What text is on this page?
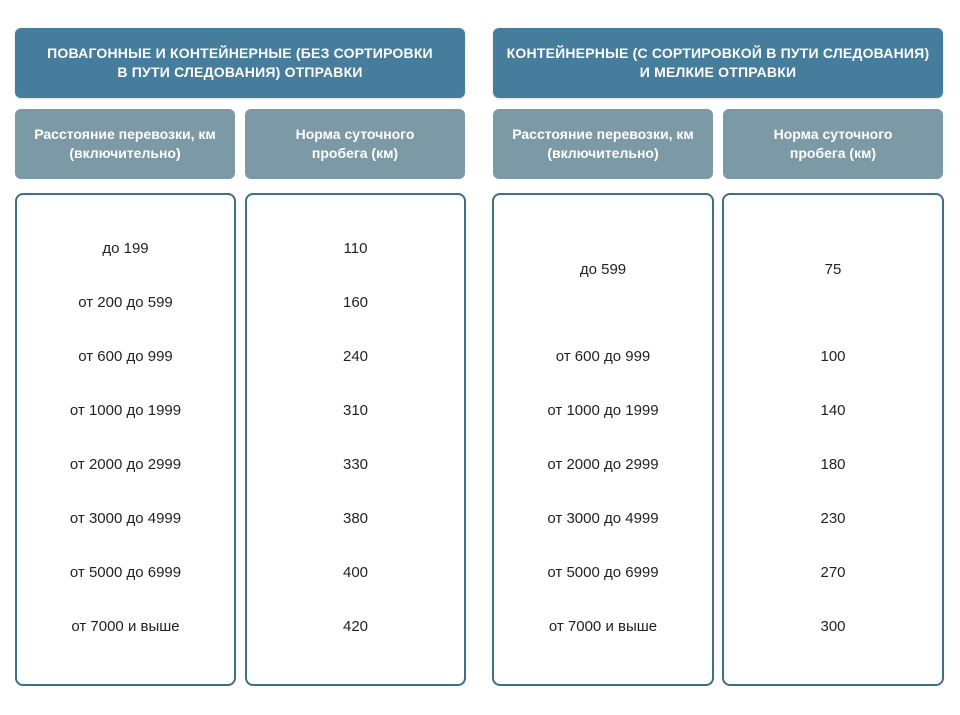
ПОВАГОННЫЕ И КОНТЕЙНЕРНЫЕ (БЕЗ СОРТИРОВКИ
В ПУТИ СЛЕДОВАНИЯ) ОТПРАВКИ
Расстояние перевозки, км
(включительно)
Норма суточного
пробега (км)
до 199
от 200 до 599
от 600 до 999
от 1000 до 1999
от 2000 до 2999
от 3000 до 4999
от 5000 до 6999
от 7000 и выше
110
160
240
310
330
380
400
420
КОНТЕЙНЕРНЫЕ (С СОРТИРОВКОЙ В ПУТИ СЛЕДОВАНИЯ)
И МЕЛКИЕ ОТПРАВКИ
Расстояние перевозки, км
(включительно)
Норма суточного
пробега (км)
до 599
от 600 до 999
от 1000 до 1999
от 2000 до 2999
от 3000 до 4999
от 5000 до 6999
от 7000 и выше
75
100
140
180
230
270
300
